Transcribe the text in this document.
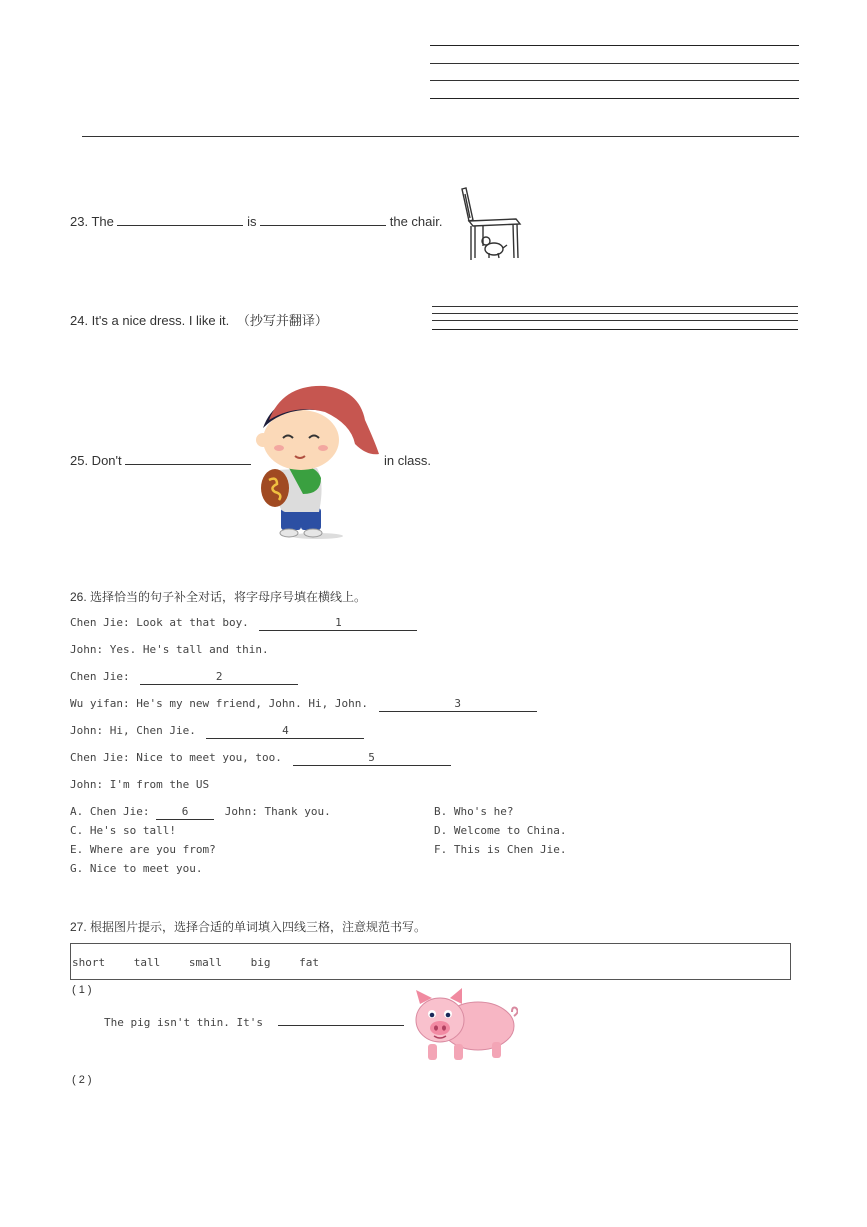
23. The	is	the chair.
24. It's a nice dress. I like it. （抄写并翻译）
25. Don't	in class.
26. 选择恰当的句子补全对话，将字母序号填在横线上。
Chen Jie: Look at that boy.	1
John: Yes. He's tall and thin.
Chen Jie:	2
Wu yifan: He's my new friend, John. Hi, John.	3
John: Hi, Chen Jie.	4
Chen Jie: Nice to meet you, too.	5
John: I'm from the US
A. Chen Jie:	6	John: Thank you.	B. Who's he?
C. He's so tall!	D. Welcome to China.
E. Where are you from?	F. This is Chen Jie.
G. Nice to meet you.
27. 根据图片提示，选择合适的单词填入四线三格，注意规范书写。
short	tall	small	big	fat
( 1 )
The pig isn't thin. It's
( 2 )
